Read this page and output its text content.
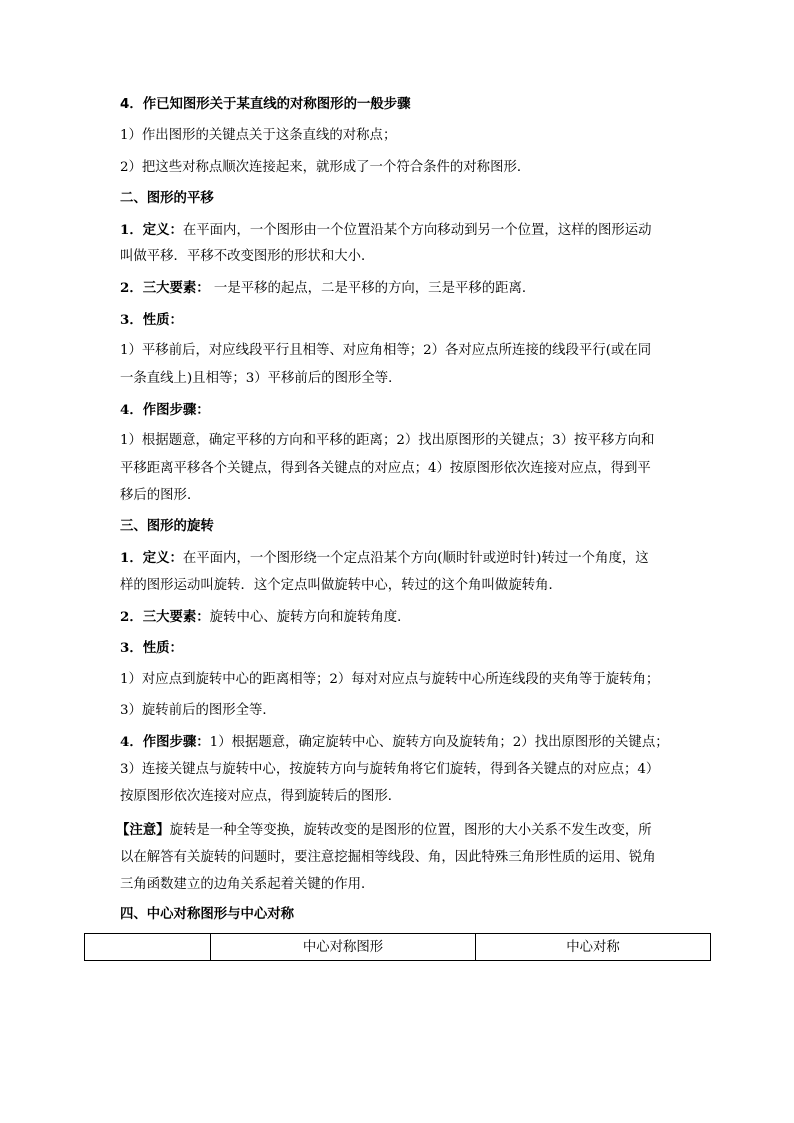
4．作已知图形关于某直线的对称图形的一般步骤
1）作出图形的关键点关于这条直线的对称点；
2）把这些对称点顺次连接起来，就形成了一个符合条件的对称图形．
二、图形的平移
1．定义：在平面内，一个图形由一个位置沿某个方向移动到另一个位置，这样的图形运动
叫做平移．平移不改变图形的形状和大小．
2．三大要素： 一是平移的起点，二是平移的方向，三是平移的距离．
3．性质：
1）平移前后，对应线段平行且相等、对应角相等；2）各对应点所连接的线段平行(或在同
一条直线上)且相等；3）平移前后的图形全等．
4．作图步骤：
1）根据题意，确定平移的方向和平移的距离；2）找出原图形的关键点；3）按平移方向和
平移距离平移各个关键点，得到各关键点的对应点；4）按原图形依次连接对应点，得到平
移后的图形．
三、图形的旋转
1．定义：在平面内，一个图形绕一个定点沿某个方向(顺时针或逆时针)转过一个角度，这
样的图形运动叫旋转．这个定点叫做旋转中心，转过的这个角叫做旋转角．
2．三大要素：旋转中心、旋转方向和旋转角度．
3．性质：
1）对应点到旋转中心的距离相等；2）每对对应点与旋转中心所连线段的夹角等于旋转角；
3）旋转前后的图形全等．
4．作图步骤：1）根据题意，确定旋转中心、旋转方向及旋转角；2）找出原图形的关键点；
3）连接关键点与旋转中心，按旋转方向与旋转角将它们旋转，得到各关键点的对应点；4）
按原图形依次连接对应点，得到旋转后的图形．
【注意】旋转是一种全等变换，旋转改变的是图形的位置，图形的大小关系不发生改变，所
以在解答有关旋转的问题时，要注意挖掘相等线段、角，因此特殊三角形性质的运用、锐角
三角函数建立的边角关系起着关键的作用．
四、中心对称图形与中心对称
	中心对称图形	中心对称
